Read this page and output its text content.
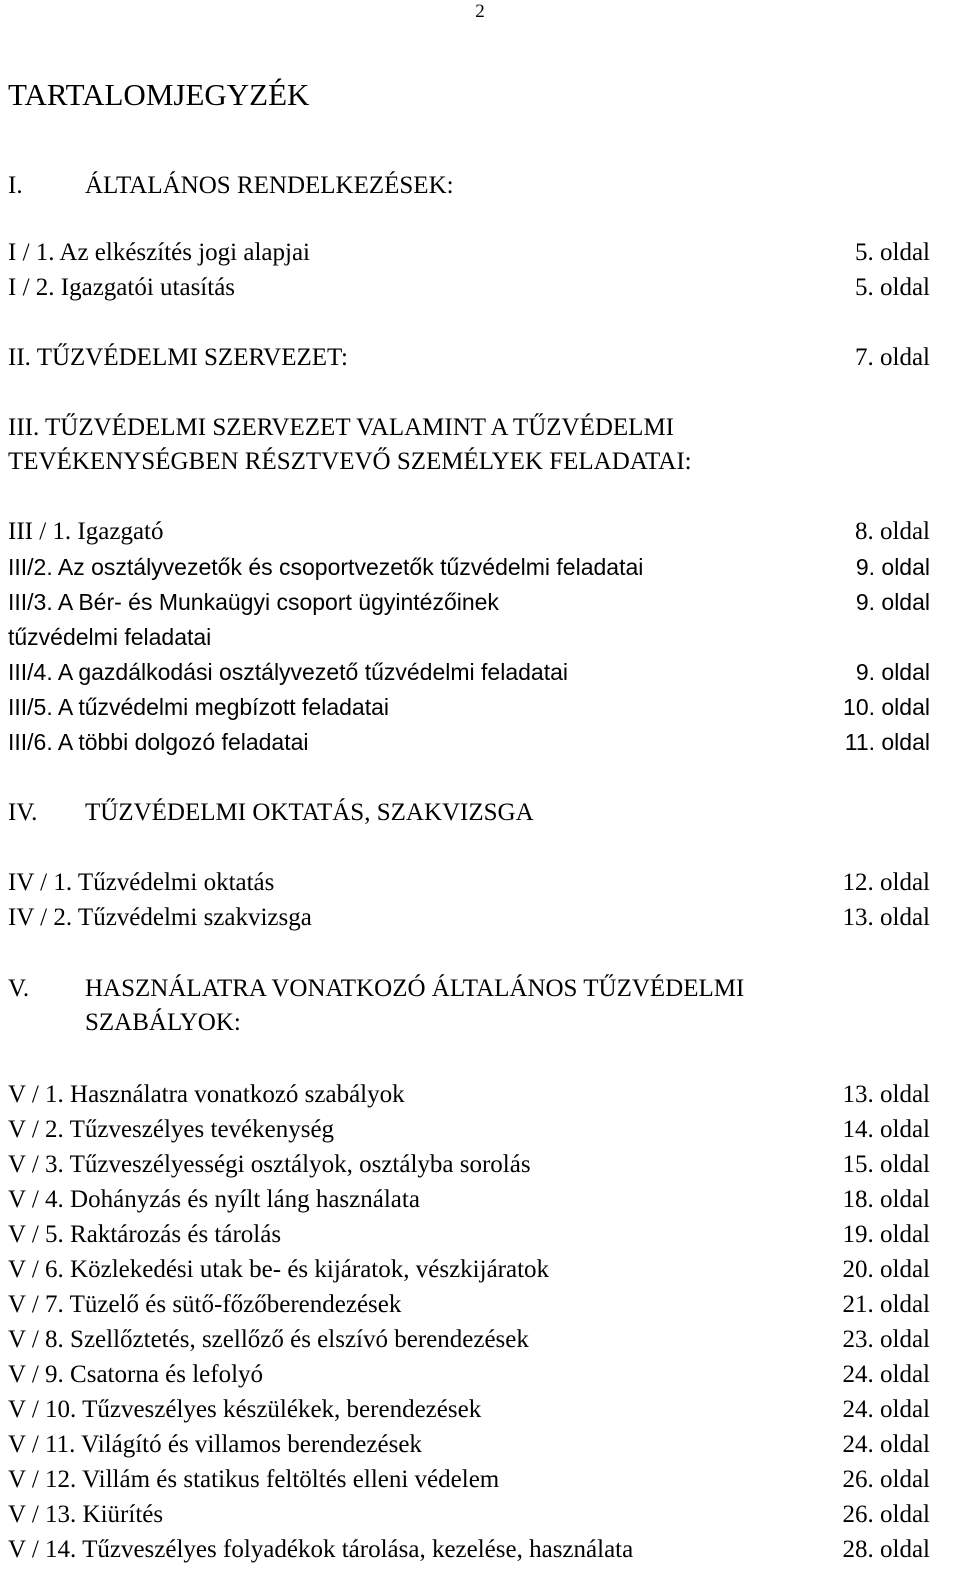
2
TARTALOMJEGYZÉK
I. ÁLTALÁNOS RENDELKEZÉSEK:
I / 1. Az elkészítés jogi alapjai	5. oldal
I / 2. Igazgatói utasítás	5. oldal
II. TŰZVÉDELMI SZERVEZET:	7. oldal
III. TŰZVÉDELMI SZERVEZET VALAMINT A TŰZVÉDELMI
TEVÉKENYSÉGBEN RÉSZTVEVŐ SZEMÉLYEK FELADATAI:
III / 1. Igazgató	8. oldal
III/2. Az osztályvezetők és csoportvezetők tűzvédelmi feladatai	9. oldal
III/3. A Bér- és Munkaügyi csoport ügyintézőinek	9. oldal
tűzvédelmi feladatai
III/4. A gazdálkodási osztályvezető tűzvédelmi feladatai	9. oldal
III/5. A tűzvédelmi megbízott feladatai	10. oldal
III/6. A többi dolgozó feladatai	11. oldal
IV. TŰZVÉDELMI OKTATÁS, SZAKVIZSGA
IV / 1. Tűzvédelmi oktatás	12. oldal
IV / 2. Tűzvédelmi szakvizsga	13. oldal
V. HASZNÁLATRA VONATKOZÓ ÁLTALÁNOS TŰZVÉDELMI
SZABÁLYOK:
V / 1. Használatra vonatkozó szabályok	13. oldal
V / 2. Tűzveszélyes tevékenység	14. oldal
V / 3. Tűzveszélyességi osztályok, osztályba sorolás	15. oldal
V / 4. Dohányzás és nyílt láng használata	18. oldal
V / 5. Raktározás és tárolás	19. oldal
V / 6. Közlekedési utak be- és kijáratok, vészkijáratok	20. oldal
V / 7. Tüzelő és sütő-főzőberendezések	21. oldal
V / 8. Szellőztetés, szellőző és elszívó berendezések	23. oldal
V / 9. Csatorna és lefolyó	24. oldal
V / 10. Tűzveszélyes készülékek, berendezések	24. oldal
V / 11. Világító és villamos berendezések	24. oldal
V / 12. Villám és statikus feltöltés elleni védelem	26. oldal
V / 13. Kiürítés	26. oldal
V / 14. Tűzveszélyes folyadékok tárolása, kezelése, használata	28. oldal
